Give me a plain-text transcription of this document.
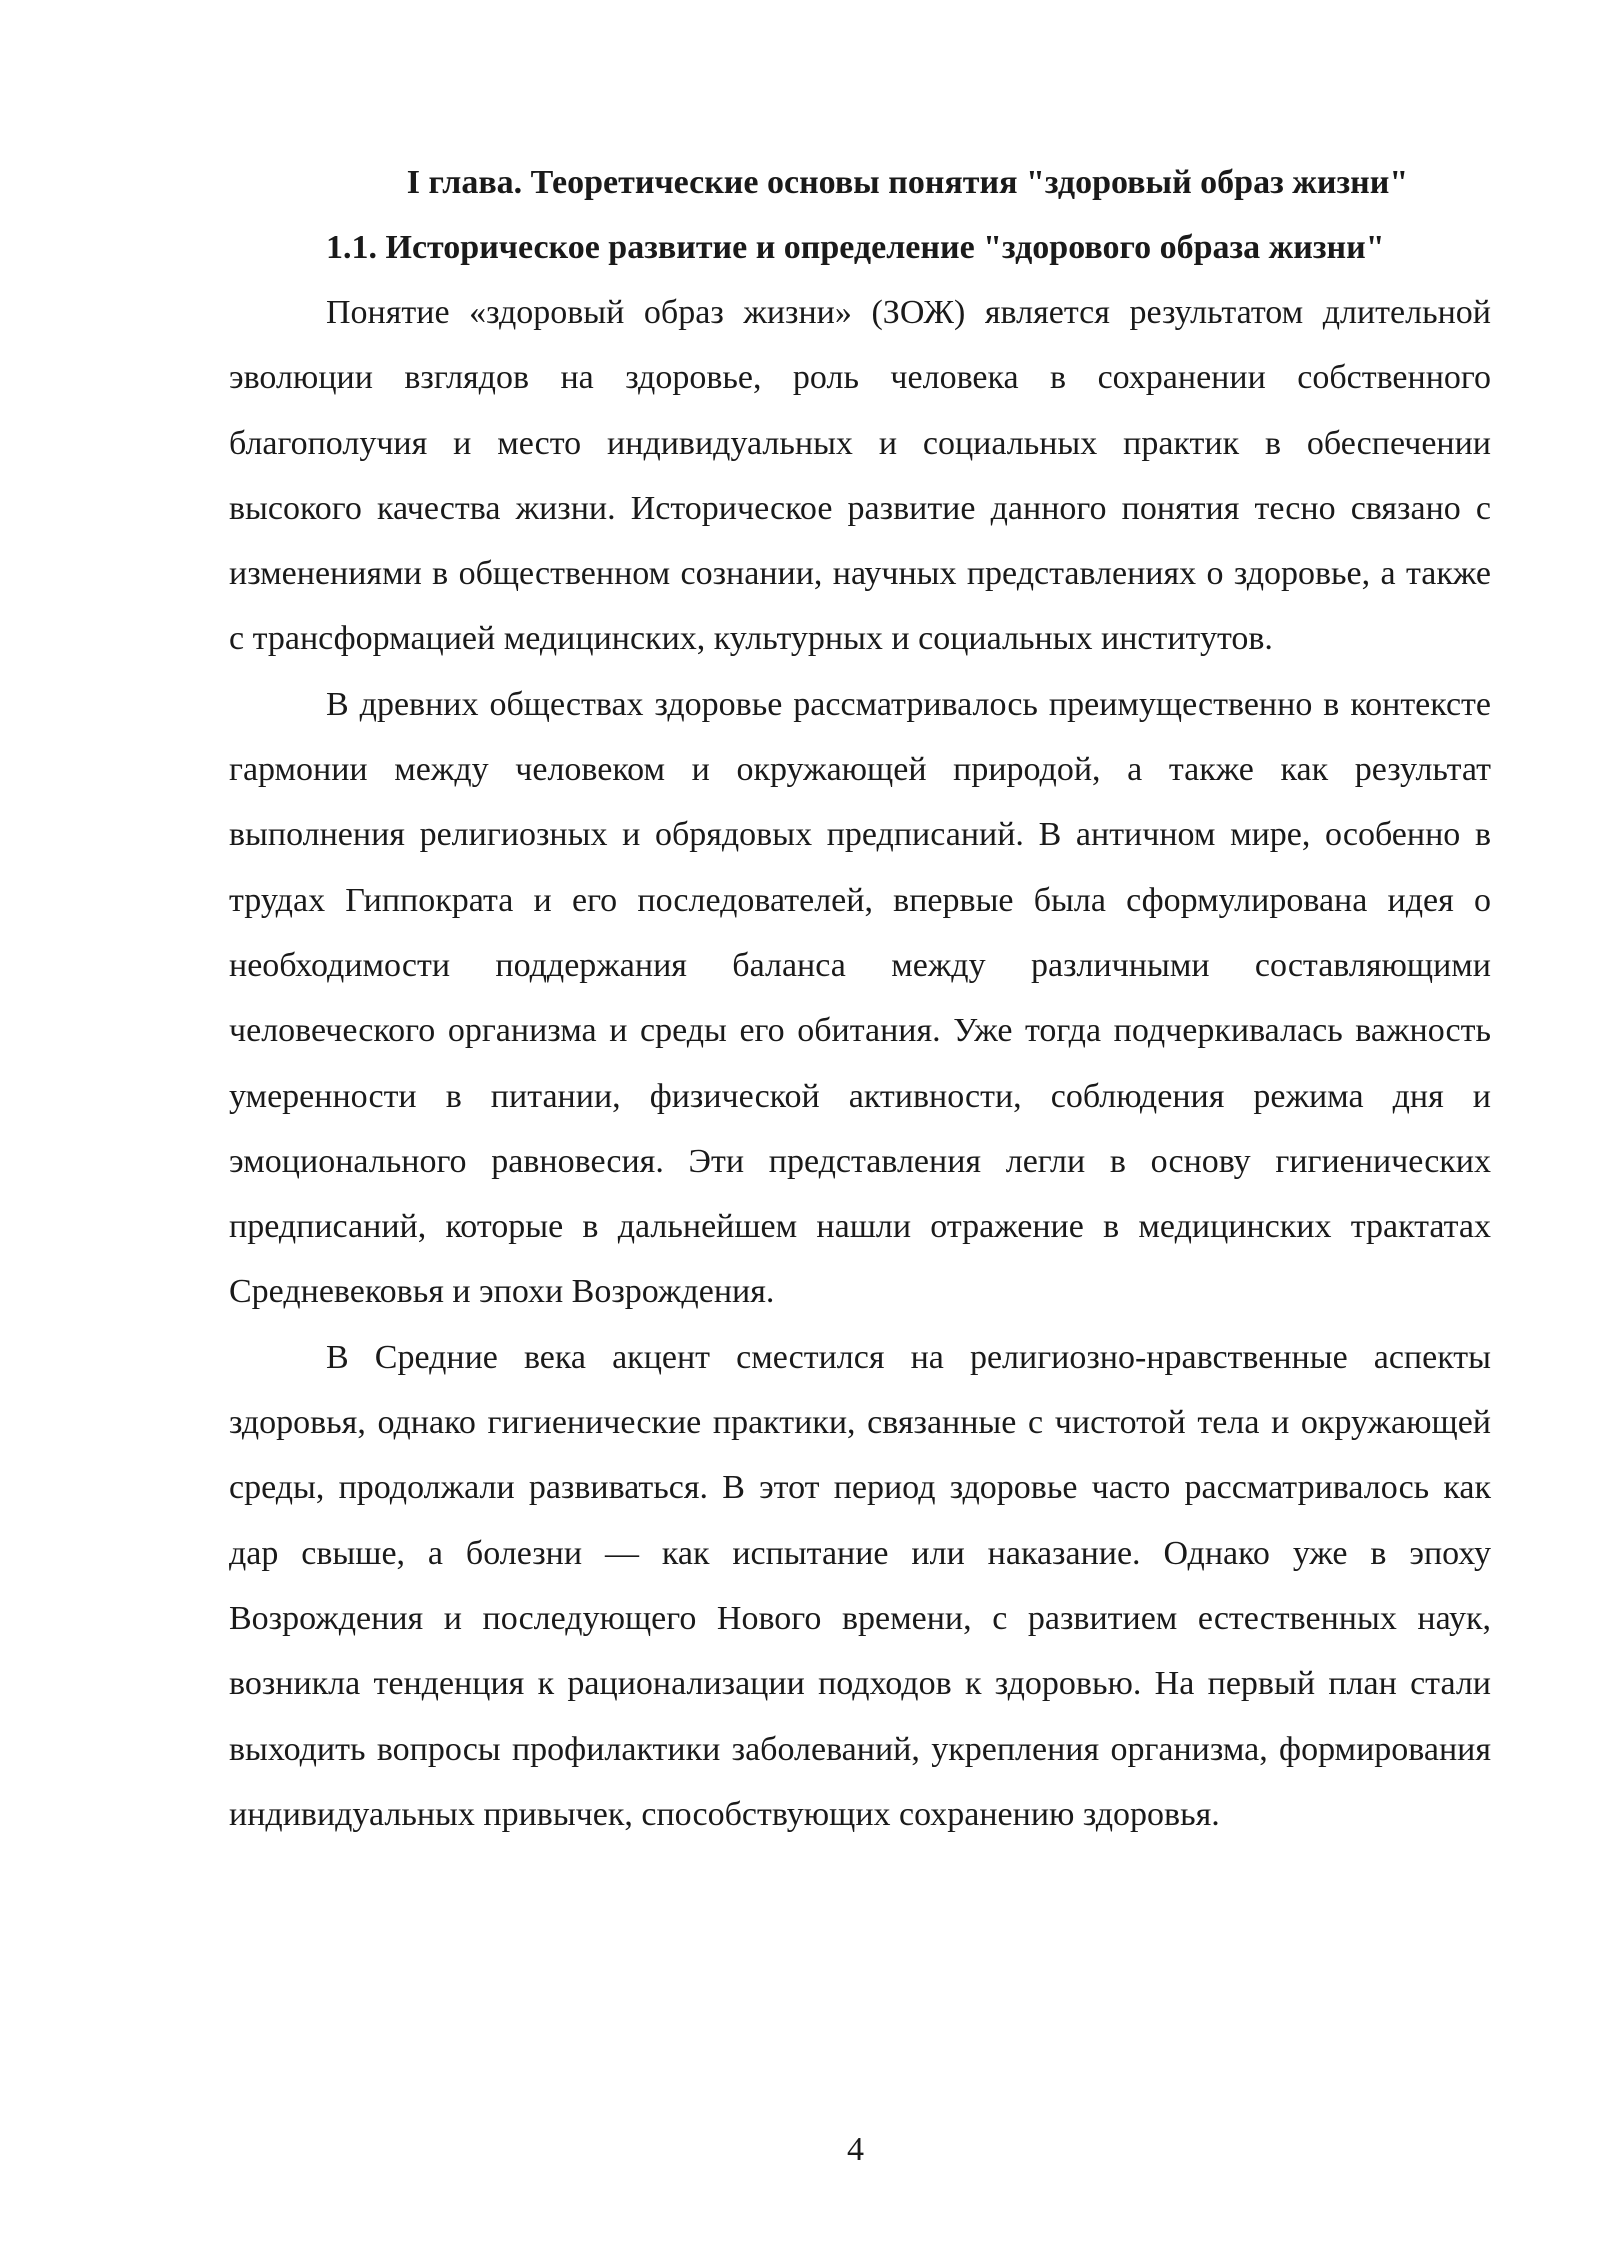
I глава. Теоретические основы понятия "здоровый образ жизни"
1.1. Историческое развитие и определение "здорового образа жизни"

Понятие «здоровый образ жизни» (ЗОЖ) является результатом длительной эволюции взглядов на здоровье, роль человека в сохранении собственного благополучия и место индивидуальных и социальных практик в обеспечении высокого качества жизни. Историческое развитие данного понятия тесно связано с изменениями в общественном сознании, научных представлениях о здоровье, а также с трансформацией медицинских, культурных и социальных институтов.

В древних обществах здоровье рассматривалось преимущественно в контексте гармонии между человеком и окружающей природой, а также как результат выполнения религиозных и обрядовых предписаний. В античном мире, особенно в трудах Гиппократа и его последователей, впервые была сформулирована идея о необходимости поддержания баланса между различными составляющими человеческого организма и среды его обитания. Уже тогда подчеркивалась важность умеренности в питании, физической активности, соблюдения режима дня и эмоционального равновесия. Эти представления легли в основу гигиенических предписаний, которые в дальнейшем нашли отражение в медицинских трактатах Средневековья и эпохи Возрождения.

В Средние века акцент сместился на религиозно-нравственные аспекты здоровья, однако гигиенические практики, связанные с чистотой тела и окружающей среды, продолжали развиваться. В этот период здоровье часто рассматривалось как дар свыше, а болезни — как испытание или наказание. Однако уже в эпоху Возрождения и последующего Нового времени, с развитием естественных наук, возникла тенденция к рационализации подходов к здоровью. На первый план стали выходить вопросы профилактики заболеваний, укрепления организма, формирования индивидуальных привычек, способствующих сохранению здоровья.

4
